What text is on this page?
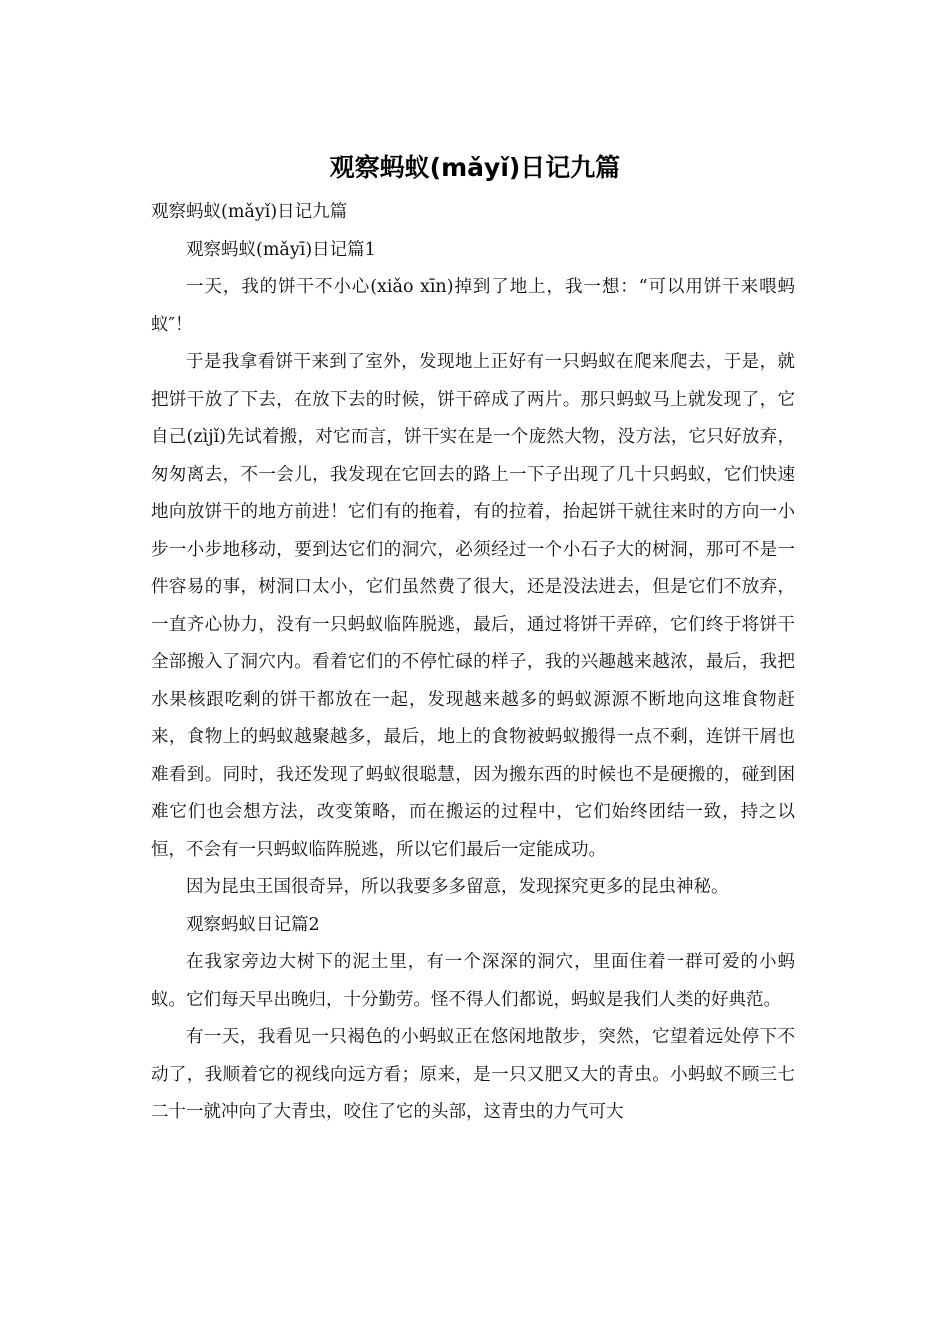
观察蚂蚁(mǎyǐ)日记九篇

观察蚂蚁(mǎyǐ)日记九篇

观察蚂蚁(mǎyī)日记篇1

一天，我的饼干不小心(xiǎo xīn)掉到了地上，我一想：“可以用饼干来喂蚂蚁″！

于是我拿看饼干来到了室外，发现地上正好有一只蚂蚁在爬来爬去，于是，就把饼干放了下去，在放下去的时候，饼干碎成了两片。那只蚂蚁马上就发现了，它自己(zìjǐ)先试着搬，对它而言，饼干实在是一个庞然大物，没方法，它只好放弃，匆匆离去，不一会儿，我发现在它回去的路上一下子出现了几十只蚂蚁，它们快速地向放饼干的地方前进！它们有的拖着，有的拉着，抬起饼干就往来时的方向一小步一小步地移动，要到达它们的洞穴，必须经过一个小石子大的树洞，那可不是一件容易的事，树洞口太小，它们虽然费了很大，还是没法进去，但是它们不放弃，一直齐心协力，没有一只蚂蚁临阵脱逃，最后，通过将饼干弄碎，它们终于将饼干全部搬入了洞穴内。看着它们的不停忙碌的样子，我的兴趣越来越浓，最后，我把水果核跟吃剩的饼干都放在一起，发现越来越多的蚂蚁源源不断地向这堆食物赶来，食物上的蚂蚁越聚越多，最后，地上的食物被蚂蚁搬得一点不剩，连饼干屑也难看到。同时，我还发现了蚂蚁很聪慧，因为搬东西的时候也不是硬搬的，碰到困难它们也会想方法，改变策略，而在搬运的过程中，它们始终团结一致，持之以恒，不会有一只蚂蚁临阵脱逃，所以它们最后一定能成功。

因为昆虫王国很奇异，所以我要多多留意，发现探究更多的昆虫神秘。

观察蚂蚁日记篇2

在我家旁边大树下的泥土里，有一个深深的洞穴，里面住着一群可爱的小蚂蚁。它们每天早出晚归，十分勤劳。怪不得人们都说，蚂蚁是我们人类的好典范。

有一天，我看见一只褐色的小蚂蚁正在悠闲地散步，突然，它望着远处停下不动了，我顺着它的视线向远方看；原来，是一只又肥又大的青虫。小蚂蚁不顾三七二十一就冲向了大青虫，咬住了它的头部，这青虫的力气可大
